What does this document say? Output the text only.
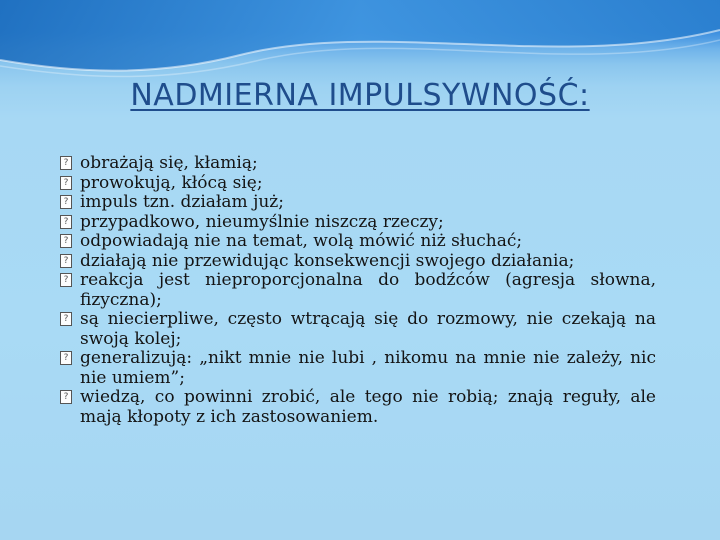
NADMIERNA IMPULSYWNOŚĆ:

? obrażają się, kłamią;

? prowokują, kłócą się;

? impuls tzn. działam już;

? przypadkowo, nieumyślnie niszczą rzeczy;

? odpowiadają nie na temat, wolą mówić niż słuchać;

? działają nie przewidując konsekwencji swojego działania;

? reakcja jest nieproporcjonalna do bodźców (agresja słowna, fizyczna);

? są niecierpliwe, często wtrącają się do rozmowy, nie czekają na swoją kolej;

? generalizują: „nikt mnie nie lubi , nikomu na mnie nie zależy, nic nie umiem”;

? wiedzą, co powinni zrobić, ale tego nie robią; znają reguły, ale mają kłopoty z ich zastosowaniem.
